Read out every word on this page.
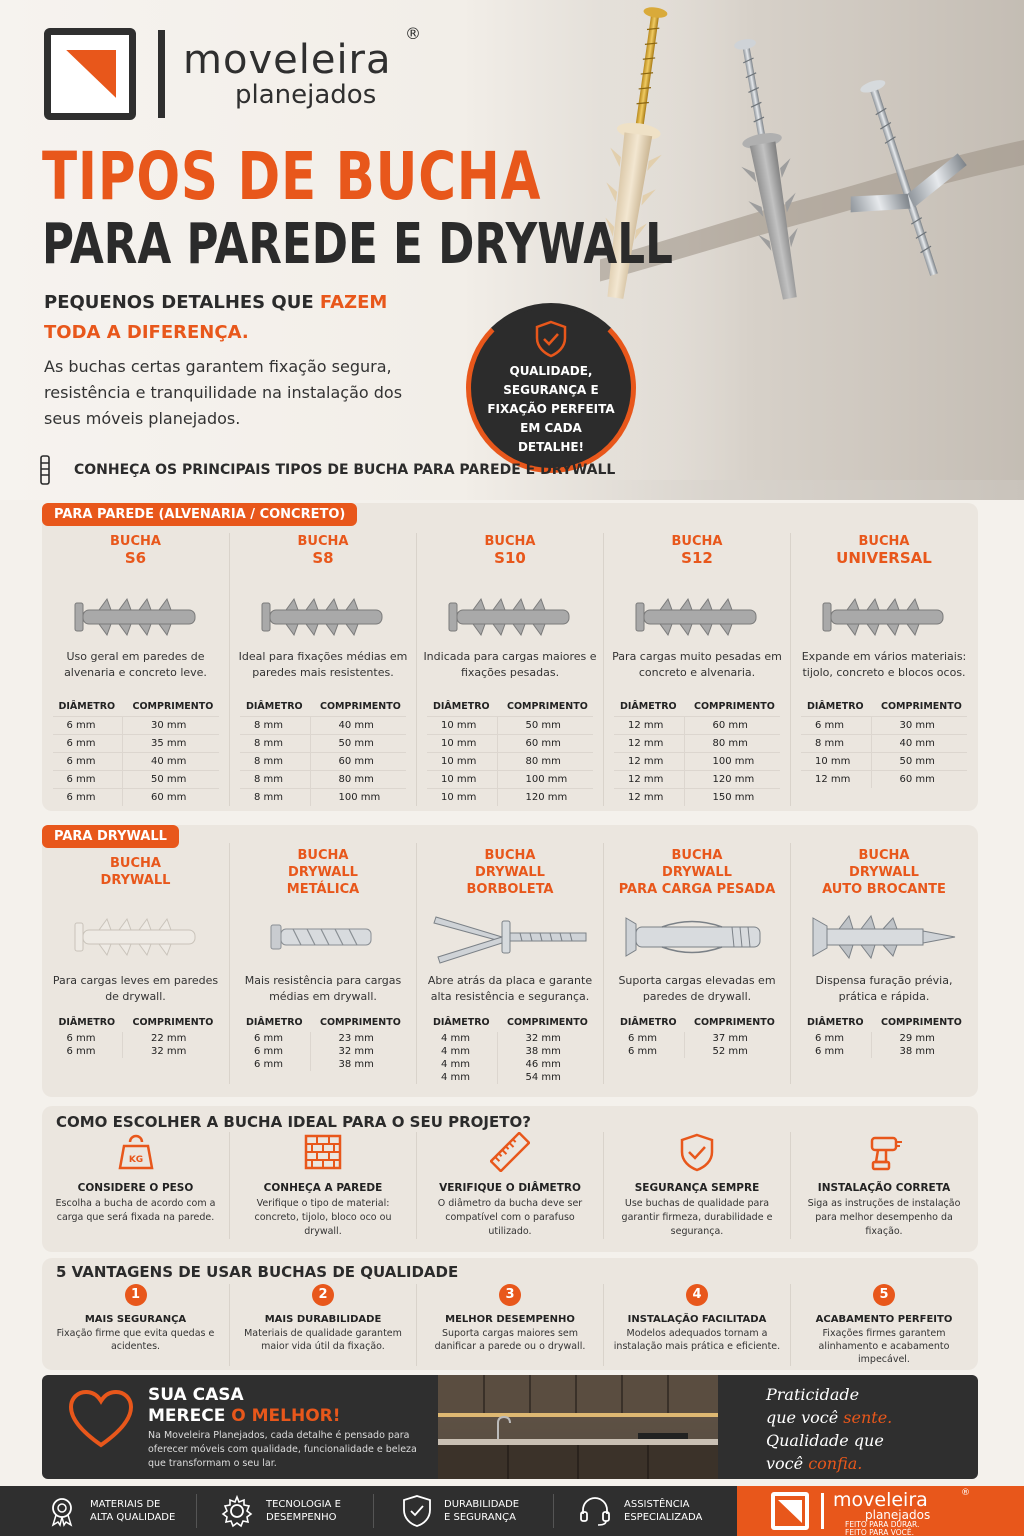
moveleira
planejados
®
TIPOS DE BUCHA
PARA PAREDE E DRYWALL
PEQUENOS DETALHES QUE FAZEM
TODA A DIFERENÇA.
As buchas certas garantem fixação segura, resistência e tranquilidade na instalação dos seus móveis planejados.
QUALIDADE,
SEGURANÇA E
FIXAÇÃO PERFEITA
EM CADA
DETALHE!
CONHEÇA OS PRINCIPAIS TIPOS DE BUCHA PARA PAREDE E DRYWALL
PARA PAREDE (ALVENARIA / CONCRETO)
BUCHA
S6
Uso geral em paredes de alvenaria e concreto leve.
DIÂMETRO	COMPRIMENTO
6 mm	30 mm
6 mm	35 mm
6 mm	40 mm
6 mm	50 mm
6 mm	60 mm
BUCHA
S8
Ideal para fixações médias em paredes mais resistentes.
DIÂMETRO	COMPRIMENTO
8 mm	40 mm
8 mm	50 mm
8 mm	60 mm
8 mm	80 mm
8 mm	100 mm
BUCHA
S10
Indicada para cargas maiores e fixações pesadas.
DIÂMETRO	COMPRIMENTO
10 mm	50 mm
10 mm	60 mm
10 mm	80 mm
10 mm	100 mm
10 mm	120 mm
BUCHA
S12
Para cargas muito pesadas em concreto e alvenaria.
DIÂMETRO	COMPRIMENTO
12 mm	60 mm
12 mm	80 mm
12 mm	100 mm
12 mm	120 mm
12 mm	150 mm
BUCHA
UNIVERSAL
Expande em vários materiais: tijolo, concreto e blocos ocos.
DIÂMETRO	COMPRIMENTO
6 mm	30 mm
8 mm	40 mm
10 mm	50 mm
12 mm	60 mm
PARA DRYWALL
BUCHA
DRYWALL
Para cargas leves em paredes de drywall.
DIÂMETRO	COMPRIMENTO
6 mm	22 mm
6 mm	32 mm
BUCHA
DRYWALL
METÁLICA
Mais resistência para cargas médias em drywall.
DIÂMETRO	COMPRIMENTO
6 mm	23 mm
6 mm	32 mm
6 mm	38 mm
BUCHA
DRYWALL
BORBOLETA
Abre atrás da placa e garante alta resistência e segurança.
DIÂMETRO	COMPRIMENTO
4 mm	32 mm
4 mm	38 mm
4 mm	46 mm
4 mm	54 mm
BUCHA
DRYWALL
PARA CARGA PESADA
Suporta cargas elevadas em paredes de drywall.
DIÂMETRO	COMPRIMENTO
6 mm	37 mm
6 mm	52 mm
BUCHA
DRYWALL
AUTO BROCANTE
Dispensa furação prévia, prática e rápida.
DIÂMETRO	COMPRIMENTO
6 mm	29 mm
6 mm	38 mm
COMO ESCOLHER A BUCHA IDEAL PARA O SEU PROJETO?
KG
CONSIDERE O PESO
Escolha a bucha de acordo com a carga que será fixada na parede.
CONHEÇA A PAREDE
Verifique o tipo de material: concreto, tijolo, bloco oco ou drywall.
VERIFIQUE O DIÂMETRO
O diâmetro da bucha deve ser compatível com o parafuso utilizado.
SEGURANÇA SEMPRE
Use buchas de qualidade para garantir firmeza, durabilidade e segurança.
INSTALAÇÃO CORRETA
Siga as instruções de instalação para melhor desempenho da fixação.
5 VANTAGENS DE USAR BUCHAS DE QUALIDADE
1
MAIS SEGURANÇA
Fixação firme que evita quedas e acidentes.
2
MAIS DURABILIDADE
Materiais de qualidade garantem maior vida útil da fixação.
3
MELHOR DESEMPENHO
Suporta cargas maiores sem danificar a parede ou o drywall.
4
INSTALAÇÃO FACILITADA
Modelos adequados tornam a instalação mais prática e eficiente.
5
ACABAMENTO PERFEITO
Fixações firmes garantem alinhamento e acabamento impecável.
SUA CASA
MERECE O MELHOR!
Na Moveleira Planejados, cada detalhe é pensado para oferecer móveis com qualidade, funcionalidade e beleza que transformam o seu lar.
Praticidade
que você sente.
Qualidade que
você confia.
MATERIAIS DE
ALTA QUALIDADE
TECNOLOGIA E
DESEMPENHO
DURABILIDADE
E SEGURANÇA
ASSISTÊNCIA
ESPECIALIZADA
moveleira	®
planejados
FEITO PARA DURAR.
FEITO PARA VOCÊ.
